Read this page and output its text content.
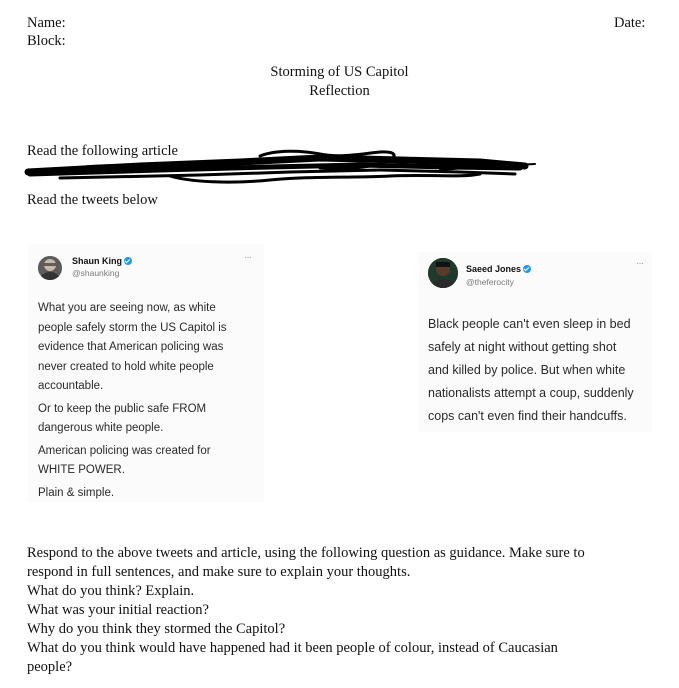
Name:
Block:
Date:
Storming of US Capitol
Reflection
Read the following article
Read the tweets below
Shaun King
@shaunking
···
What you are seeing now, as white
people safely storm the US Capitol is
evidence that American policing was
never created to hold white people
accountable.
Or to keep the public safe FROM
dangerous white people.
American policing was created for
WHITE POWER.
Plain & simple.
Saeed Jones
@theferocity
···
Black people can't even sleep in bed
safely at night without getting shot
and killed by police. But when white
nationalists attempt a coup, suddenly
cops can't even find their handcuffs.
Respond to the above tweets and article, using the following question as guidance. Make sure to
respond in full sentences, and make sure to explain your thoughts.
What do you think? Explain.
What was your initial reaction?
Why do you think they stormed the Capitol?
What do you think would have happened had it been people of colour, instead of Caucasian
people?
